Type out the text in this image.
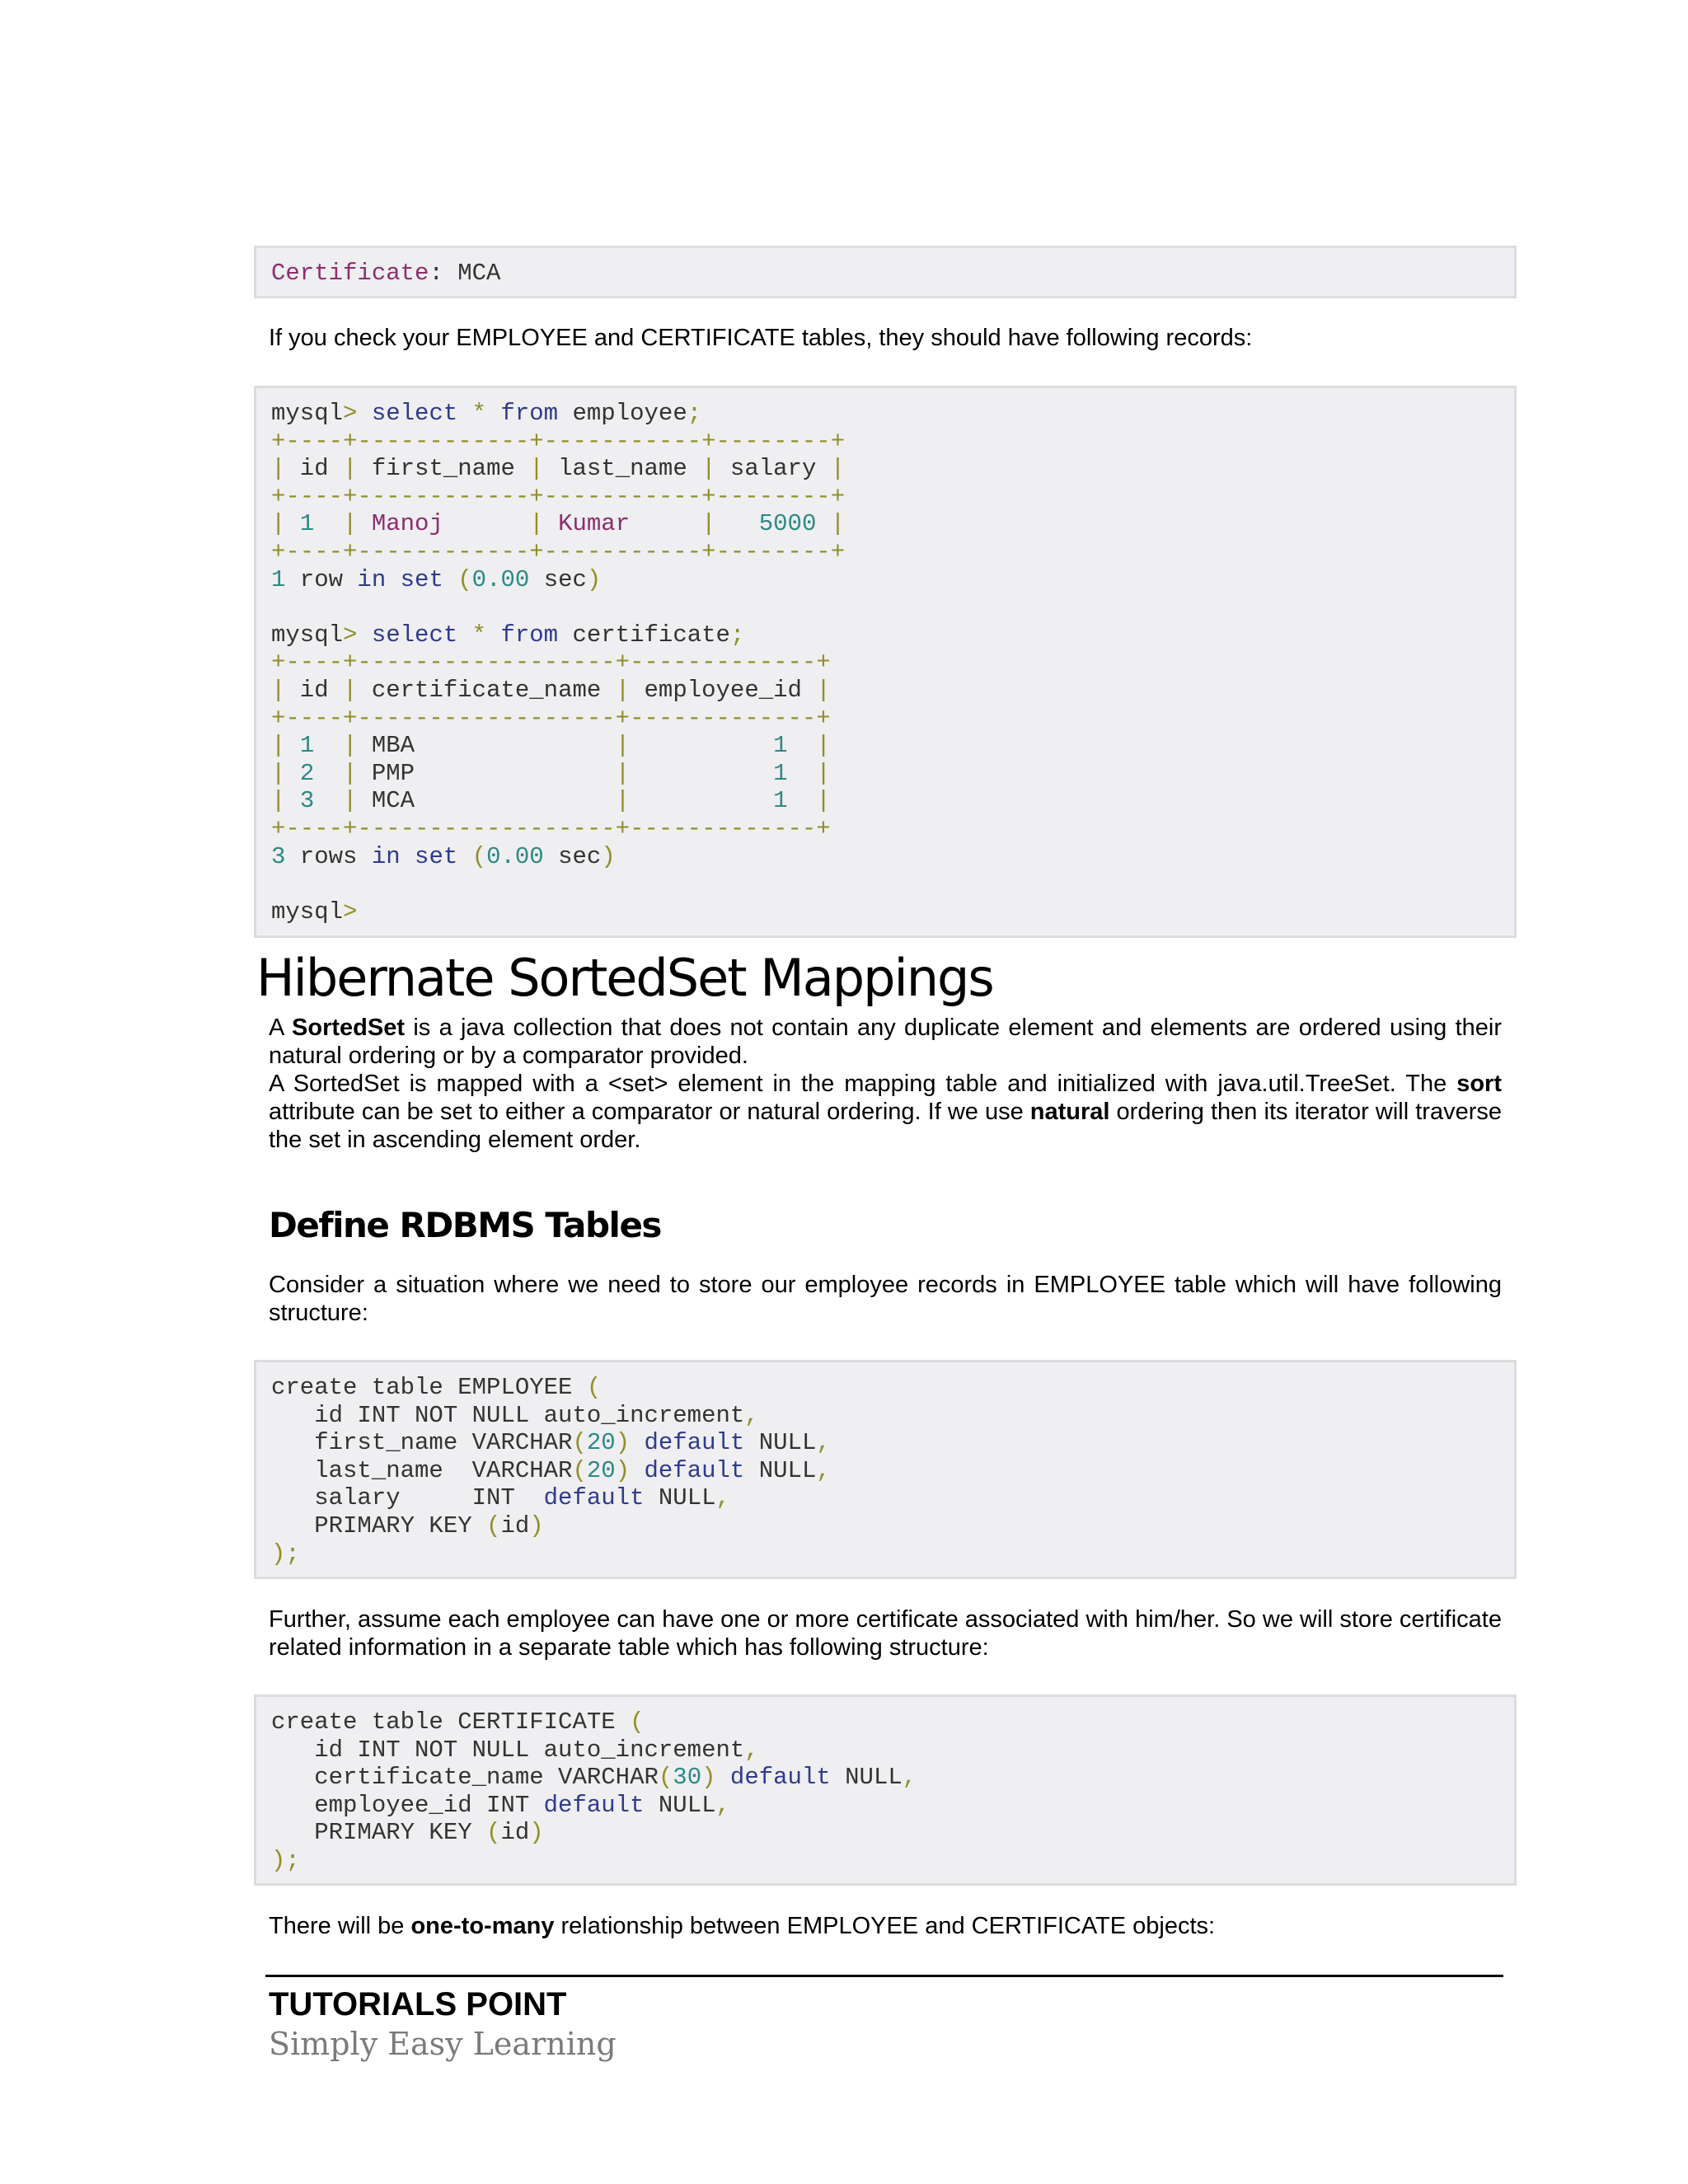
Certificate: MCA
If you check your EMPLOYEE and CERTIFICATE tables, they should have following records:
mysql> select * from employee;
+----+------------+-----------+--------+
| id | first_name | last_name | salary |
+----+------------+-----------+--------+
| 1 | Manoj	| Kumar	| 5000 |
+----+------------+-----------+--------+
1 row in set (0.00 sec)

mysql> select * from certificate;
+----+------------------+-------------+
| id | certificate_name | employee_id |
+----+------------------+-------------+
| 1 | MBA              |	1 |
| 2 | PMP              |	1 |
| 3 | MCA              |	1 |
+----+------------------+-------------+
3 rows in set (0.00 sec)

mysql>
Hibernate SortedSet Mappings
A SortedSet is a java collection that does not contain any duplicate element and elements are ordered using their natural ordering or by a comparator provided.
A SortedSet is mapped with a <set> element in the mapping table and initialized with java.util.TreeSet. The sort attribute can be set to either a comparator or natural ordering. If we use natural ordering then its iterator will traverse the set in ascending element order.
Define RDBMS Tables
Consider a situation where we need to store our employee records in EMPLOYEE table which will have following structure:
create table EMPLOYEE (
id INT NOT NULL auto_increment,
first_name VARCHAR(20) default NULL,
last_name  VARCHAR(20) default NULL,
salary     INT  default NULL,
PRIMARY KEY (id)
);
Further, assume each employee can have one or more certificate associated with him/her. So we will store certificate related information in a separate table which has following structure:
create table CERTIFICATE (
id INT NOT NULL auto_increment,
certificate_name VARCHAR(30) default NULL,
employee_id INT default NULL,
PRIMARY KEY (id)
);
There will be one-to-many relationship between EMPLOYEE and CERTIFICATE objects:
TUTORIALS POINT
Simply Easy Learning
